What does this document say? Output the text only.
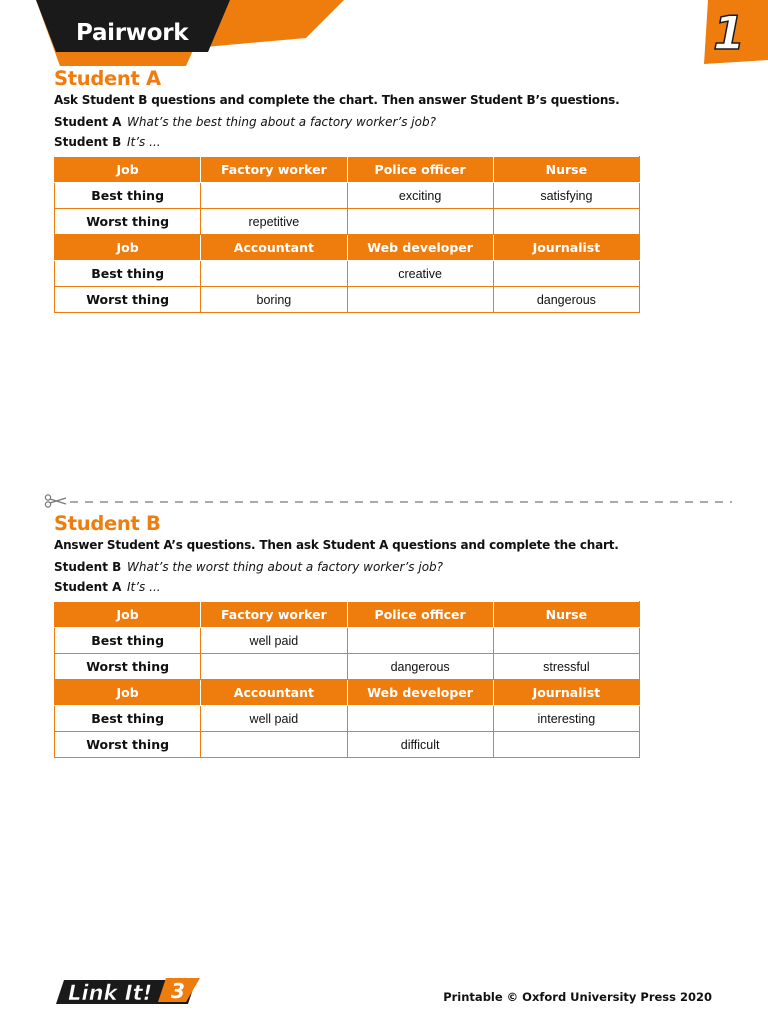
Pairwork	1
Student A
Ask Student B questions and complete the chart. Then answer Student B’s questions.
Student A What’s the best thing about a factory worker’s job?
Student B It’s ...
Job	Factory worker	Police officer	Nurse
Best thing		exciting	satisfying
Worst thing	repetitive		
Job	Accountant	Web developer	Journalist
Best thing		creative	
Worst thing	boring		dangerous
Student B
Answer Student A’s questions. Then ask Student A questions and complete the chart.
Student B What’s the worst thing about a factory worker’s job?
Student A It’s ...
Job	Factory worker	Police officer	Nurse
Best thing	well paid		
Worst thing		dangerous	stressful
Job	Accountant	Web developer	Journalist
Best thing	well paid		interesting
Worst thing		difficult	
Link It! 3	Printable © Oxford University Press 2020
